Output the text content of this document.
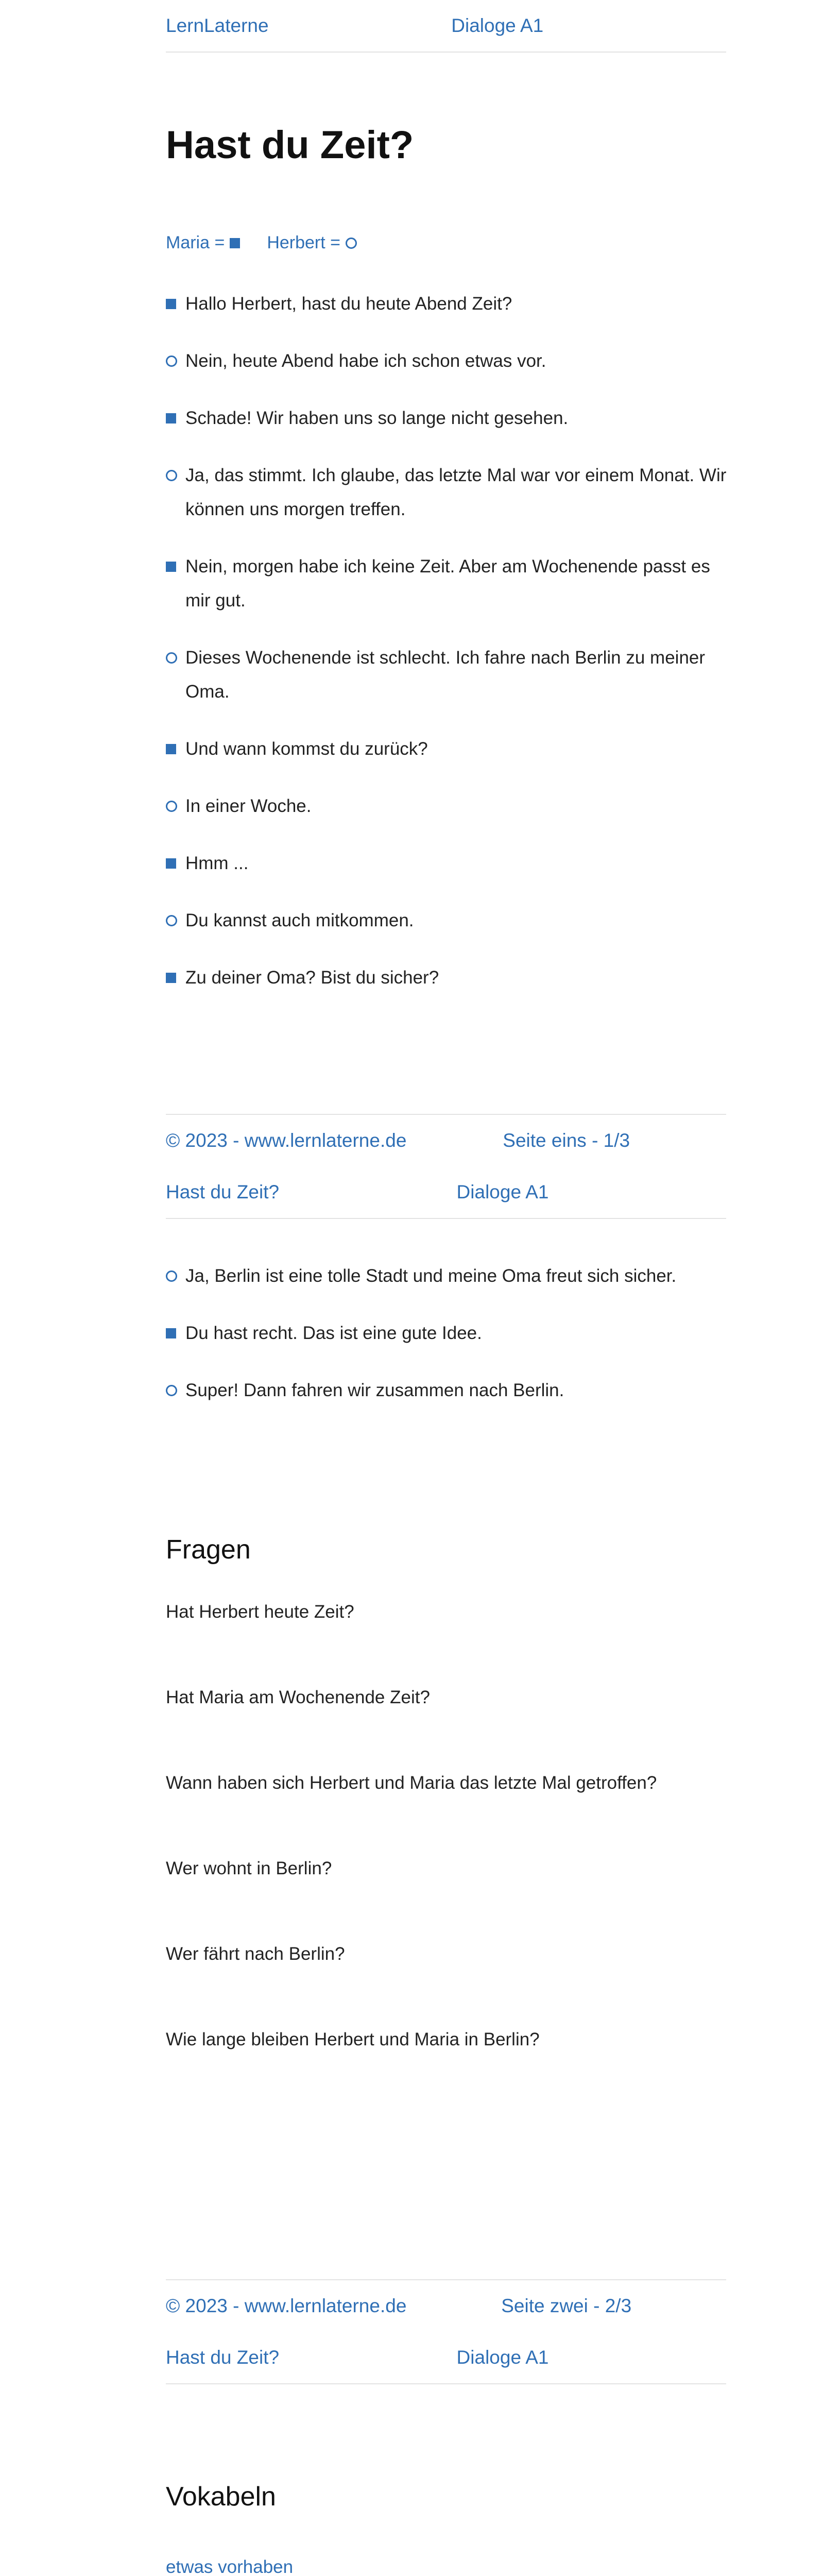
LernLaterne	Dialoge A1
Hast du Zeit?
Maria = Herbert =
Hallo Herbert, hast du heute Abend Zeit?
Nein, heute Abend habe ich schon etwas vor.
Schade! Wir haben uns so lange nicht gesehen.
Ja, das stimmt. Ich glaube, das letzte Mal war vor einem Monat. Wir können uns morgen treffen.
Nein, morgen habe ich keine Zeit. Aber am Wochenende passt es mir gut.
Dieses Wochenende ist schlecht. Ich fahre nach Berlin zu meiner Oma.
Und wann kommst du zurück?
In einer Woche.
Hmm ...
Du kannst auch mitkommen.
Zu deiner Oma? Bist du sicher?
© 2023 - www.lernlaterne.de	Seite eins - 1/3
Hast du Zeit?	Dialoge A1
Ja, Berlin ist eine tolle Stadt und meine Oma freut sich sicher.
Du hast recht. Das ist eine gute Idee.
Super! Dann fahren wir zusammen nach Berlin.
Fragen
Hat Herbert heute Zeit?
Hat Maria am Wochenende Zeit?
Wann haben sich Herbert und Maria das letzte Mal getroffen?
Wer wohnt in Berlin?
Wer fährt nach Berlin?
Wie lange bleiben Herbert und Maria in Berlin?
© 2023 - www.lernlaterne.de	Seite zwei - 2/3
Hast du Zeit?	Dialoge A1
Vokabeln
etwas vorhaben
